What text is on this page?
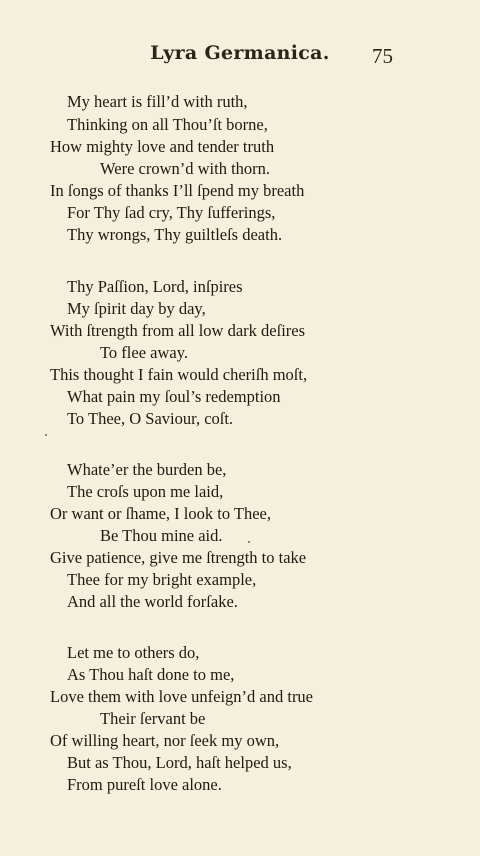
Lyra Germanica.	75
My heart is fill’d with ruth,
Thinking on all Thou’ſt borne,
How mighty love and tender truth
Were crown’d with thorn.
In ſongs of thanks I’ll ſpend my breath
For Thy ſad cry, Thy ſufferings,
Thy wrongs, Thy guiltleſs death.
Thy Paſſion, Lord, inſpires
My ſpirit day by day,
With ſtrength from all low dark deſires
To flee away.
This thought I fain would cheriſh moſt,
What pain my ſoul’s redemption
To Thee, O Saviour, coſt.
Whate’er the burden be,
The croſs upon me laid,
Or want or ſhame, I look to Thee,
Be Thou mine aid.
Give patience, give me ſtrength to take
Thee for my bright example,
And all the world forſake.
Let me to others do,
As Thou haſt done to me,
Love them with love unfeign’d and true
Their ſervant be
Of willing heart, nor ſeek my own,
But as Thou, Lord, haſt helped us,
From pureſt love alone.
